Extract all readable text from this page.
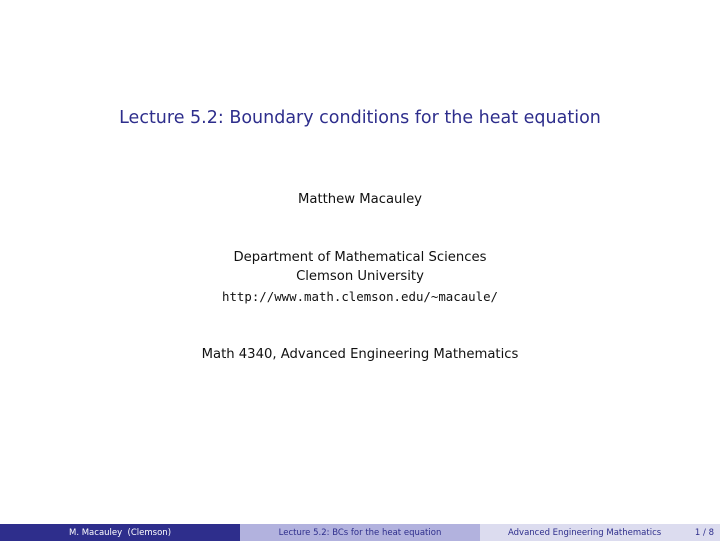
Lecture 5.2: Boundary conditions for the heat equation
Matthew Macauley
Department of Mathematical Sciences
Clemson University
http://www.math.clemson.edu/~macaule/
Math 4340, Advanced Engineering Mathematics
M. Macauley  (Clemson)	Lecture 5.2: BCs for the heat equation	Advanced Engineering Mathematics	1 / 8
